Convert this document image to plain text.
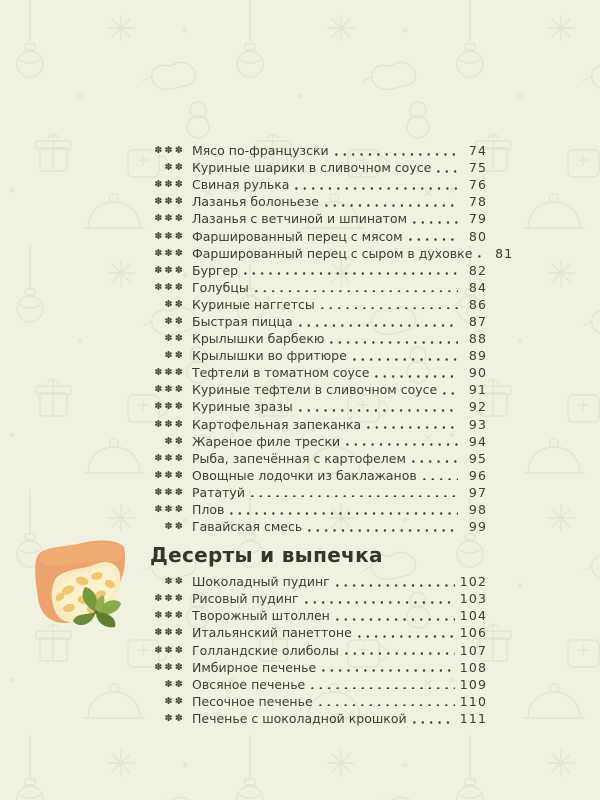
✽✽✽ Мясо по-французски	74
✽✽ Куриные шарики в сливочном соусе	75
✽✽✽ Свиная рулька	76
✽✽✽ Лазанья болоньезе	78
✽✽✽ Лазанья с ветчиной и шпинатом	79
✽✽✽ Фаршированный перец с мясом	80
✽✽✽ Фаршированный перец с сыром в духовке	81
✽✽✽ Бургер	82
✽✽✽ Голубцы	84
✽✽ Куриные наггетсы	86
✽✽ Быстрая пицца	87
✽✽ Крылышки барбекю	88
✽✽ Крылышки во фритюре	89
✽✽✽ Тефтели в томатном соусе	90
✽✽✽ Куриные тефтели в сливочном соусе	91
✽✽✽ Куриные зразы	92
✽✽✽ Картофельная запеканка	93
✽✽ Жареное филе трески	94
✽✽✽ Рыба, запечённая с картофелем	95
✽✽✽ Овощные лодочки из баклажанов	96
✽✽✽ Рататуй	97
✽✽✽ Плов	98
✽✽ Гавайская смесь	99
Десерты и выпечка
✽✽ Шоколадный пудинг	102
✽✽✽ Рисовый пудинг	103
✽✽✽ Творожный штоллен	104
✽✽✽ Итальянский панеттоне	106
✽✽✽ Голландские олиболы	107
✽✽✽ Имбирное печенье	108
✽✽ Овсяное печенье	109
✽✽ Песочное печенье	110
✽✽ Печенье с шоколадной крошкой	111
